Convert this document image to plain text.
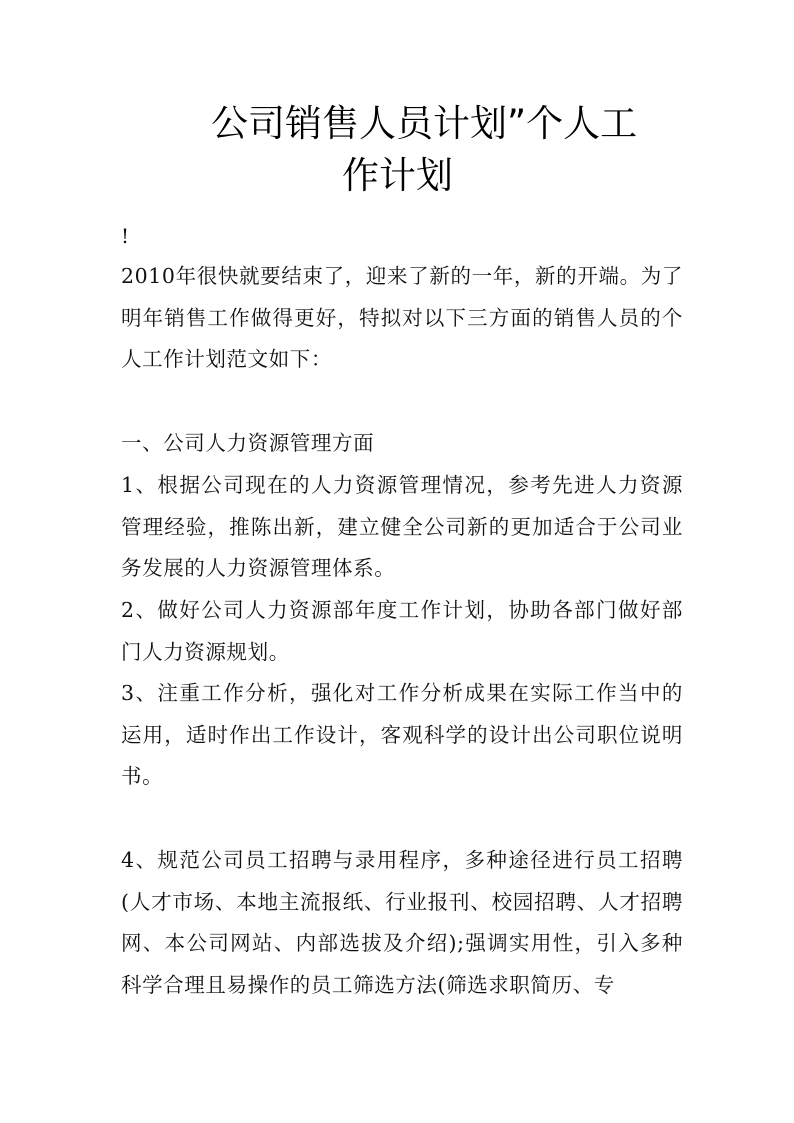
公司销售人员计划”个人工
作计划
!

2010年很快就要结束了，迎来了新的一年，新的开端。为了明年销售工作做得更好，特拟对以下三方面的销售人员的个人工作计划范文如下：

一、公司人力资源管理方面

1、根据公司现在的人力资源管理情况，参考先进人力资源管理经验，推陈出新，建立健全公司新的更加适合于公司业务发展的人力资源管理体系。

2、做好公司人力资源部年度工作计划，协助各部门做好部门人力资源规划。

3、注重工作分析，强化对工作分析成果在实际工作当中的运用，适时作出工作设计，客观科学的设计出公司职位说明书。

4、规范公司员工招聘与录用程序，多种途径进行员工招聘(人才市场、本地主流报纸、行业报刊、校园招聘、人才招聘网、本公司网站、内部选拔及介绍);强调实用性，引入多种科学合理且易操作的员工筛选方法(筛选求职简历、专
